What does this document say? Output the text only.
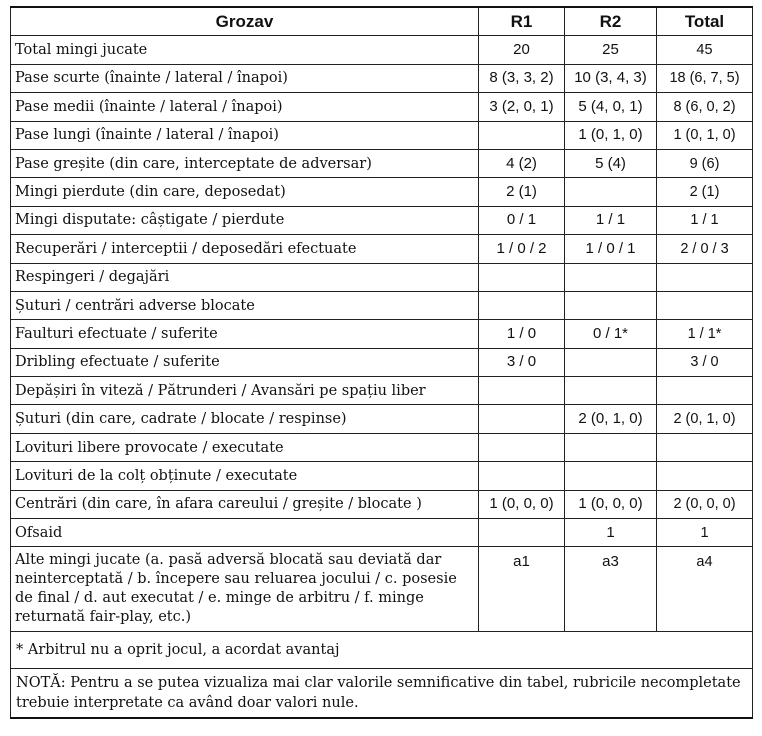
Grozav	R1	R2	Total
Total mingi jucate	20	25	45
Pase scurte (înainte / lateral / înapoi)	8 (3, 3, 2)	10 (3, 4, 3)	18 (6, 7, 5)
Pase medii (înainte / lateral / înapoi)	3 (2, 0, 1)	5 (4, 0, 1)	8 (6, 0, 2)
Pase lungi (înainte / lateral / înapoi)		1 (0, 1, 0)	1 (0, 1, 0)
Pase greșite (din care, interceptate de adversar)	4 (2)	5 (4)	9 (6)
Mingi pierdute (din care, deposedat)	2 (1)		2 (1)
Mingi disputate: câștigate / pierdute	0 / 1	1 / 1	1 / 1
Recuperări / interceptii / deposedări efectuate	1 / 0 / 2	1 / 0 / 1	2 / 0 / 3
Respingeri / degajări			
Șuturi / centrări adverse blocate			
Faulturi efectuate / suferite	1 / 0	0 / 1*	1 / 1*
Dribling efectuate / suferite	3 / 0		3 / 0
Depășiri în viteză / Pătrunderi / Avansări pe spațiu liber			
Șuturi (din care, cadrate / blocate / respinse)		2 (0, 1, 0)	2 (0, 1, 0)
Lovituri libere provocate / executate			
Lovituri de la colț obținute / executate			
Centrări (din care, în afara careului / greșite / blocate )	1 (0, 0, 0)	1 (0, 0, 0)	2 (0, 0, 0)
Ofsaid		1	1
Alte mingi jucate (a. pasă adversă blocată sau deviată dar neinterceptată / b. începere sau reluarea jocului / c. posesie de final / d. aut executat / e. minge de arbitru / f. minge returnată fair-play, etc.)	a1	a3	a4
* Arbitrul nu a oprit jocul, a acordat avantaj			
NOTĂ: Pentru a se putea vizualiza mai clar valorile semnificative din tabel, rubricile necompletate trebuie interpretate ca având doar valori nule.			
